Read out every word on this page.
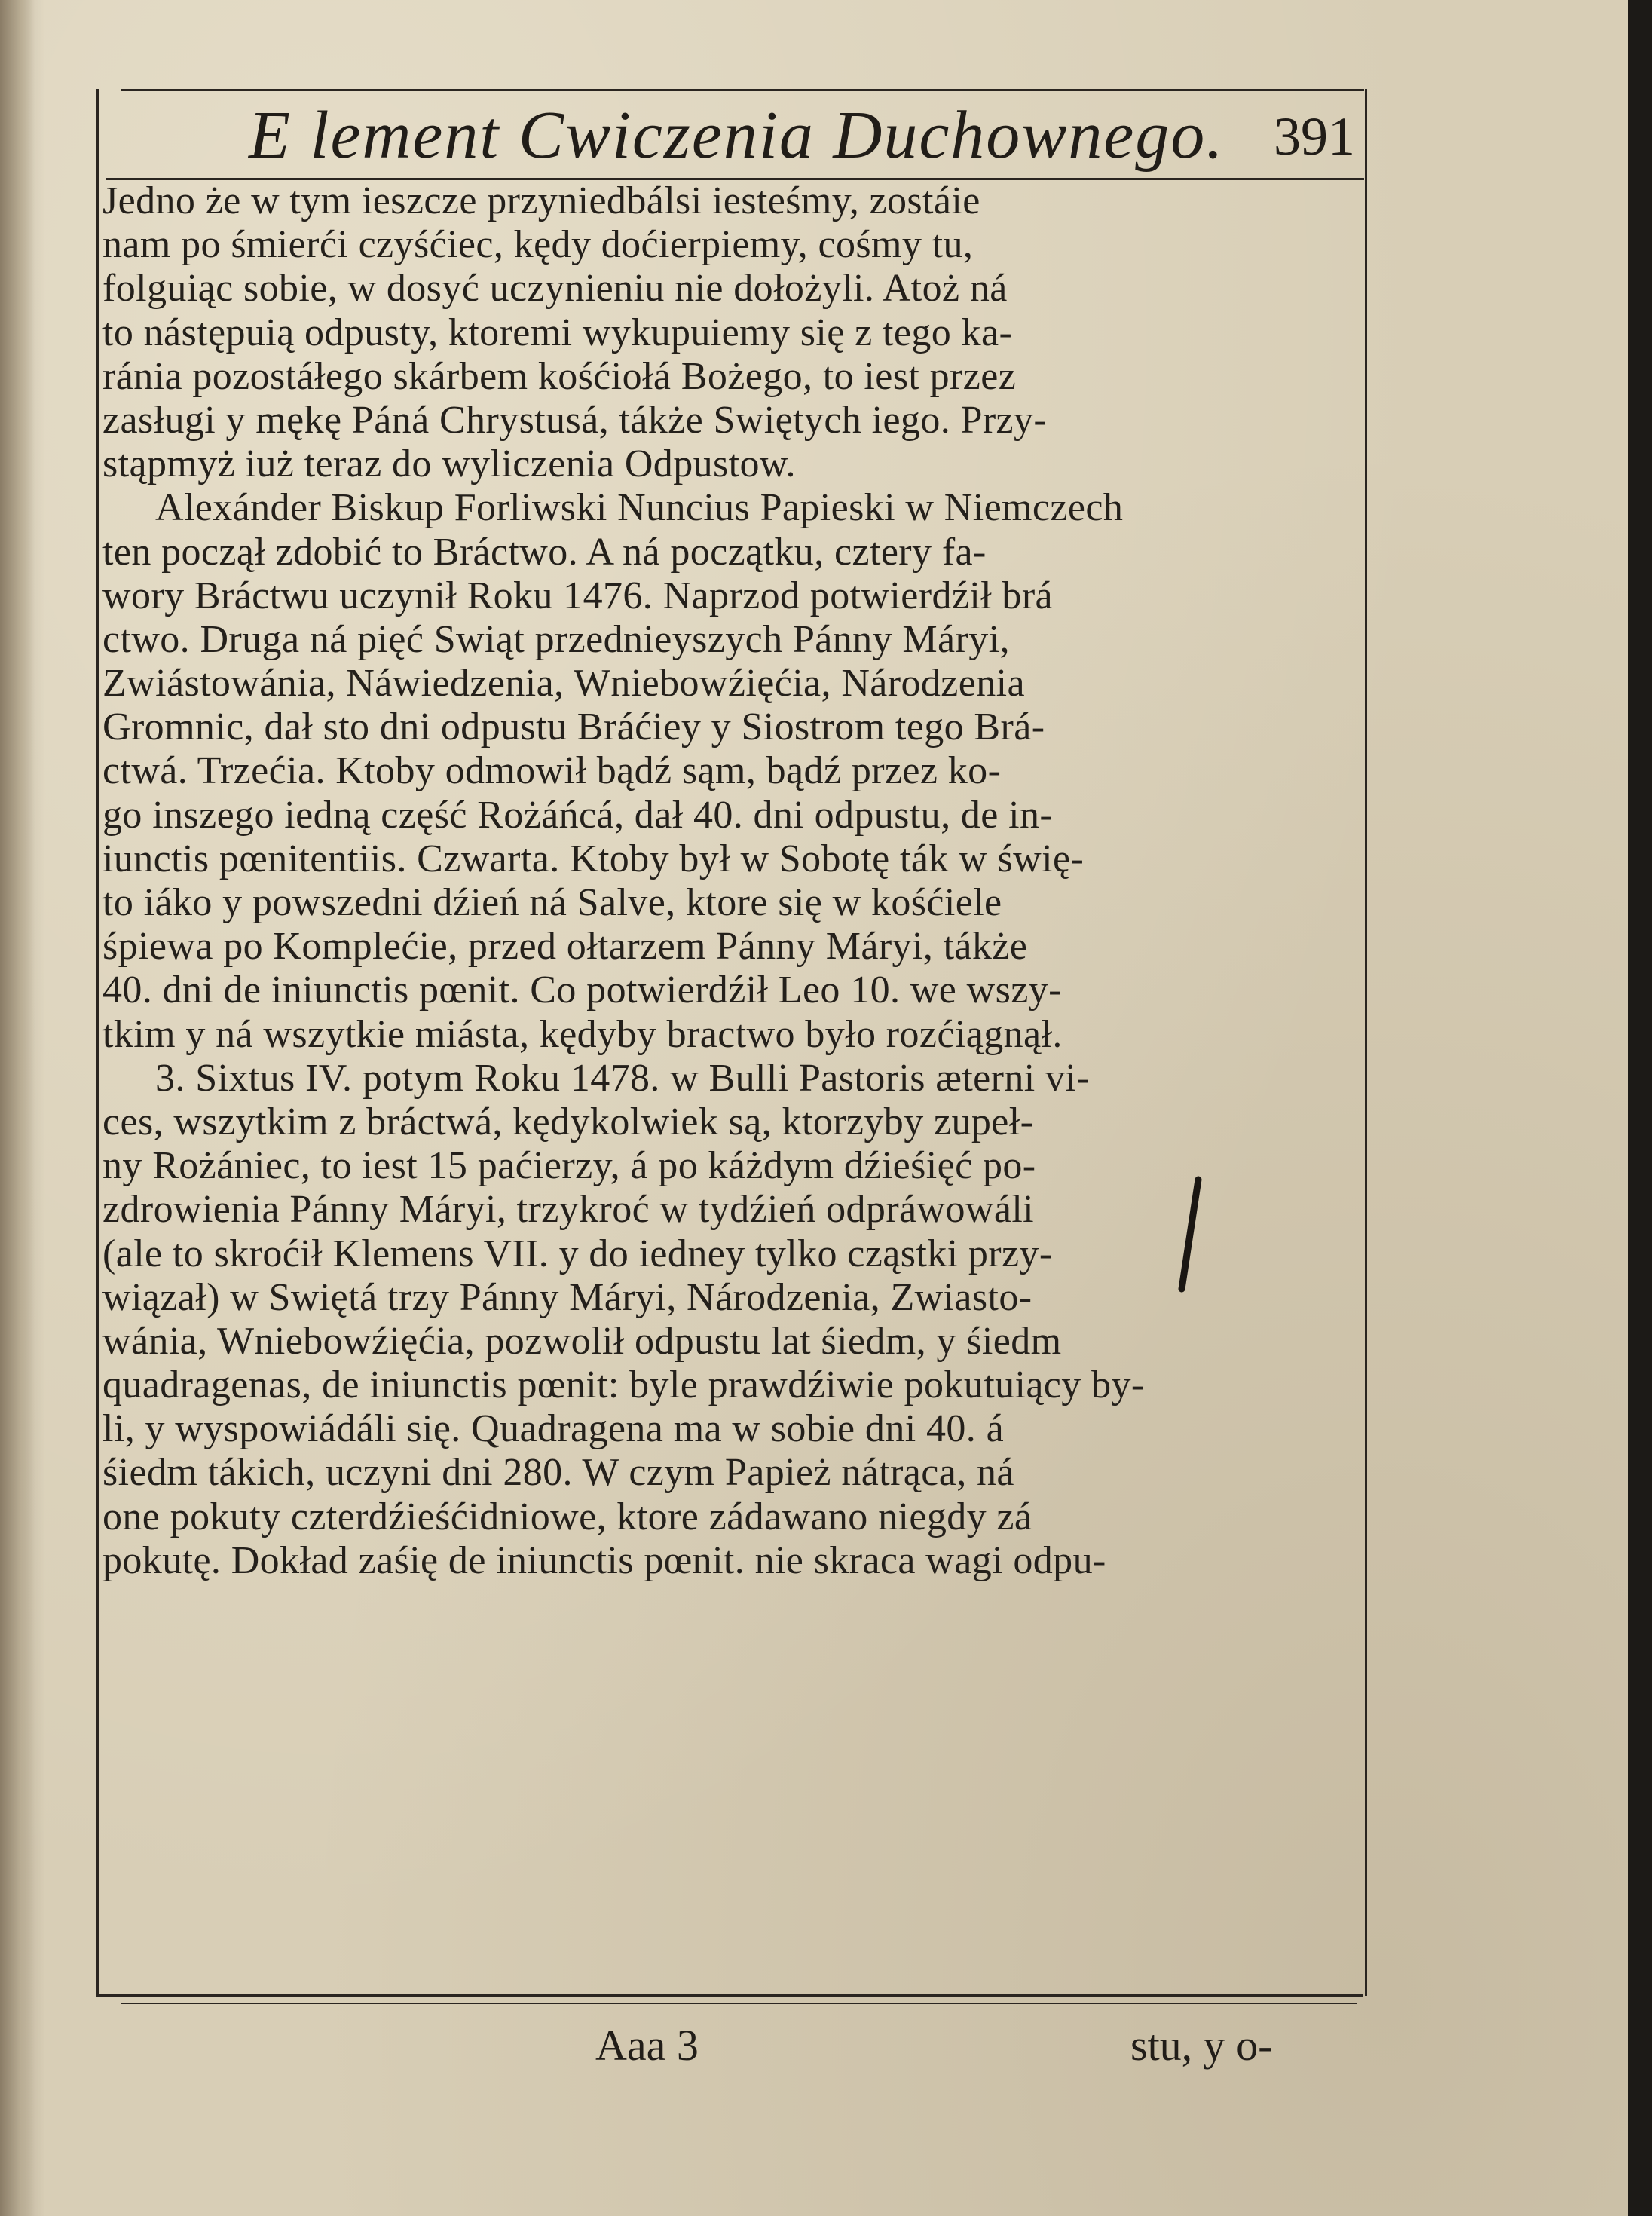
E lement Cwiczenia Duchownego. 391
Jedno że w tym ieszcze przyniedbálsi iesteśmy, zostáie
nam po śmierći czyśćiec, kędy doćierpiemy, cośmy tu,
folguiąc sobie, w dosyć uczynieniu nie dołożyli. Atoż ná
to nástępuią odpusty, ktoremi wykupuiemy się z tego ka-
ránia pozostáłego skárbem kośćiołá Bożego, to iest przez
zasługi y mękę Páná Chrystusá, tákże Swiętych iego. Przy-
stąpmyż iuż teraz do wyliczenia Odpustow.
Alexánder Biskup Forliwski Nuncius Papieski w Niemczech
ten począł zdobić to Bráctwo. A ná początku, cztery fa-
wory Bráctwu uczynił Roku 1476. Naprzod potwierdźił brá
ctwo. Druga ná pięć Swiąt przednieyszych Pánny Máryi,
Zwiástowánia, Náwiedzenia, Wniebowźięćia, Národzenia
Gromnic, dał sto dni odpustu Bráćiey y Siostrom tego Brá-
ctwá. Trzećia. Ktoby odmowił bądź sąm, bądź przez ko-
go inszego iedną część Rożáńcá, dał 40. dni odpustu, de in-
iunctis pœnitentiis. Czwarta. Ktoby był w Sobotę ták w świę-
to iáko y powszedni dźień ná Salve, ktore się w kośćiele
śpiewa po Komplećie, przed ołtarzem Pánny Máryi, tákże
40. dni de iniunctis pœnit. Co potwierdźił Leo 10. we wszy-
tkim y ná wszytkie miásta, kędyby bractwo było rozćiągnął.
3. Sixtus IV. potym Roku 1478. w Bulli Pastoris æterni vi-
ces, wszytkim z bráctwá, kędykolwiek są, ktorzyby zupeł-
ny Rożániec, to iest 15 paćierzy, á po káżdym dźieśięć po-
zdrowienia Pánny Máryi, trzykroć w tydźień odpráwowáli
(ale to skroćił Klemens VII. y do iedney tylko cząstki przy-
wiązał) w Swiętá trzy Pánny Máryi, Národzenia, Zwiasto-
wánia, Wniebowźięćia, pozwolił odpustu lat śiedm, y śiedm
quadragenas, de iniunctis pœnit: byle prawdźiwie pokutuiący by-
li, y wyspowiádáli się. Quadragena ma w sobie dni 40. á
śiedm tákich, uczyni dni 280. W czym Papież nátrąca, ná
one pokuty czterdźieśćidniowe, ktore zádawano niegdy zá
pokutę. Dokład zaśię de iniunctis pœnit. nie skraca wagi odpu-
Aaa 3	stu, y o-
